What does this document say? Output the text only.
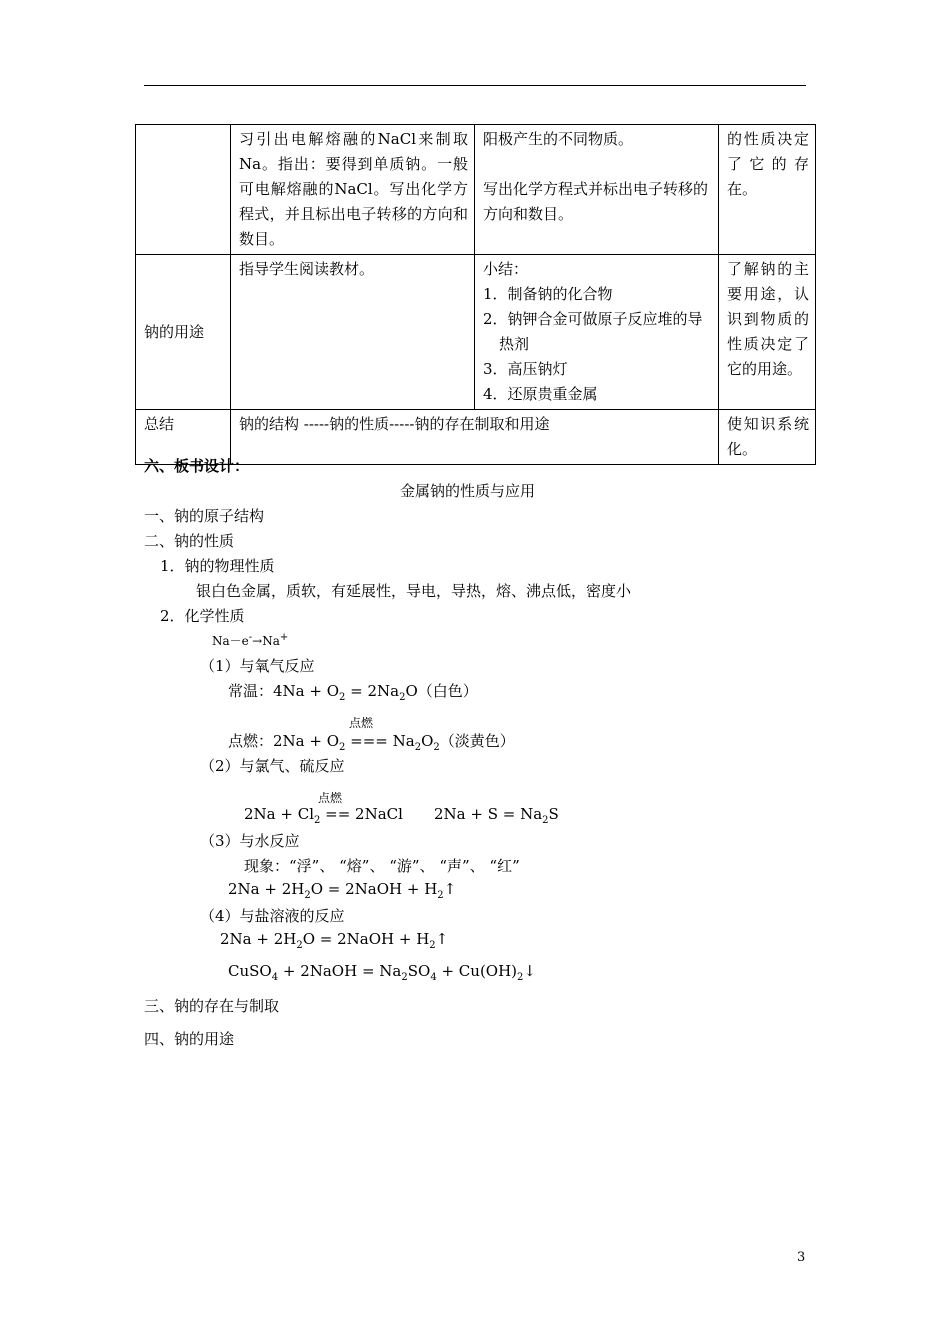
	习引出电解熔融的NaCl来制取Na。指出：要得到单质钠。一般可电解熔融的NaCl。写出化学方程式，并且标出电子转移的方向和数目。	阳极产生的不同物质。

写出化学方程式并标出电子转移的方向和数目。	的性质决定了它的存在。
钠的用途	指导学生阅读教材。	小结：
1．制备钠的化合物
2．钠钾合金可做原子反应堆的导热剂
3．高压钠灯
4．还原贵重金属	了解钠的主要用途，认识到物质的性质决定了它的用途。
总结	钠的结构 -----钠的性质-----钠的存在制取和用途		使知识系统化。
六、板书设计：
金属钠的性质与应用
一、钠的原子结构
二、钠的性质
1．钠的物理性质
银白色金属，质软，有延展性，导电，导热，熔、沸点低，密度小
2．化学性质
Na－e-→Na+
（1）与氧气反应
常温：$4Na + O_2 = 2Na_2O$（白色）
点燃
点燃：$2Na + O_2$ === $Na_2O_2$（淡黄色）
（2）与氯气、硫反应
点燃
$2Na + Cl_2$ == 2NaCl $2Na + S = Na_2S$
（3）与水反应
现象：“浮”、 “熔”、 “游”、 “声”、 “红”
$2Na + 2H_2O$ = 2NaOH + $H_2↑$
（4）与盐溶液的反应
$2Na + 2H_2O$ = 2NaOH + $H_2↑$
CuSO$_4$ + 2NaOH = $Na_2SO_4$ + $Cu(OH)_2↓$
三、钠的存在与制取
四、钠的用途
3
